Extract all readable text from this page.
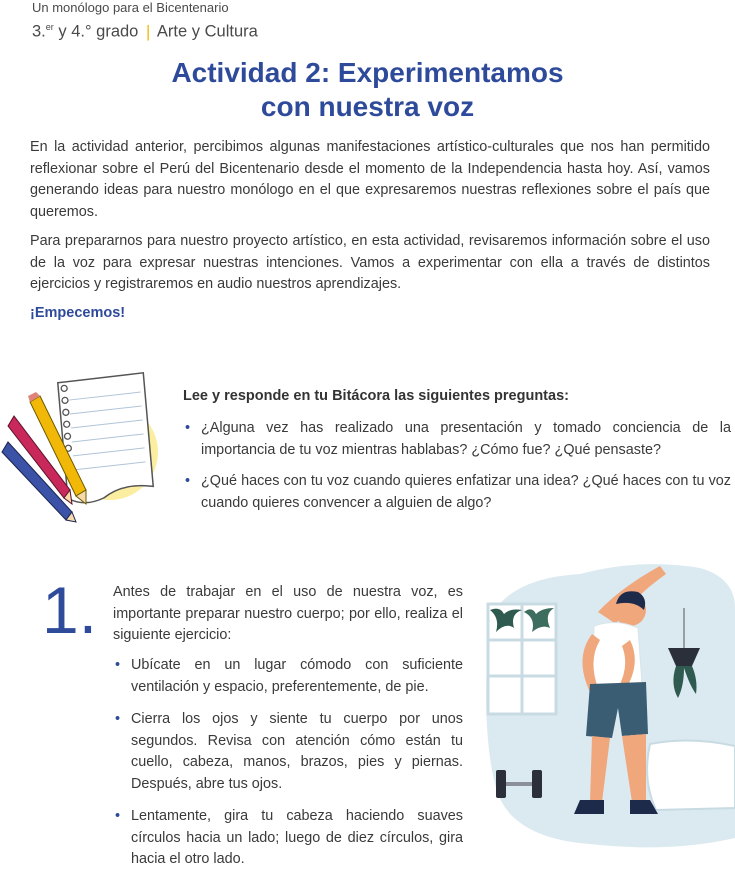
Un monólogo para el Bicentenario
3.$^{er}$ y 4.° grado | Arte y Cultura
Actividad 2: Experimentamos
con nuestra voz

En la actividad anterior, percibimos algunas manifestaciones artístico-culturales que nos han permitido reflexionar sobre el Perú del Bicentenario desde el momento de la Independencia hasta hoy. Así, vamos generando ideas para nuestro monólogo en el que expresaremos nuestras reflexiones sobre el país que queremos.

Para prepararnos para nuestro proyecto artístico, en esta actividad, revisaremos información sobre el uso de la voz para expresar nuestras intenciones. Vamos a experimentar con ella a través de distintos ejercicios y registraremos en audio nuestros aprendizajes.

¡Empecemos!
Lee y responde en tu Bitácora las siguientes preguntas:
• ¿Alguna vez has realizado una presentación y tomado conciencia de la importancia de tu voz mientras hablabas? ¿Cómo fue? ¿Qué pensaste?
• ¿Qué haces con tu voz cuando quieres enfatizar una idea? ¿Qué haces con tu voz cuando quieres convencer a alguien de algo?
1. Antes de trabajar en el uso de nuestra voz, es importante preparar nuestro cuerpo; por ello, realiza el siguiente ejercicio:

• Ubícate en un lugar cómodo con suficiente ventilación y espacio, preferentemente, de pie.
• Cierra los ojos y siente tu cuerpo por unos segundos. Revisa con atención cómo están tu cuello, cabeza, manos, brazos, pies y piernas. Después, abre tus ojos.
• Lentamente, gira tu cabeza haciendo suaves círculos hacia un lado; luego de diez círculos, gira hacia el otro lado.
